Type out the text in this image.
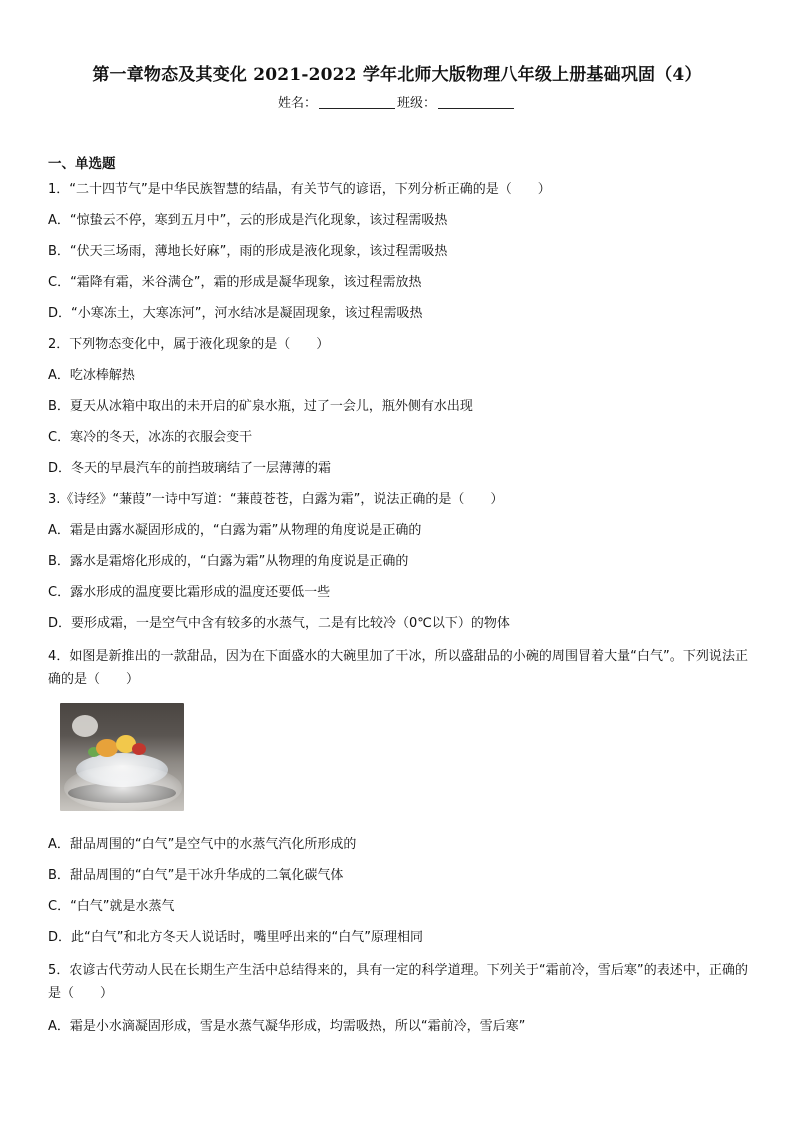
第一章物态及其变化 2021-2022 学年北师大版物理八年级上册基础巩固（4）
姓名：	班级：
一、单选题
1．“二十四节气”是中华民族智慧的结晶，有关节气的谚语，下列分析正确的是（　　）
A．“惊蛰云不停，寒到五月中”，云的形成是汽化现象，该过程需吸热
B．“伏天三场雨，薄地长好麻”，雨的形成是液化现象，该过程需吸热
C．“霜降有霜，米谷满仓”，霜的形成是凝华现象，该过程需放热
D．“小寒冻土，大寒冻河”，河水结冰是凝固现象，该过程需吸热
2．下列物态变化中，属于液化现象的是（　　）
A．吃冰棒解热
B．夏天从冰箱中取出的未开启的矿泉水瓶，过了一会儿，瓶外侧有水出现
C．寒冷的冬天，冰冻的衣服会变干
D．冬天的早晨汽车的前挡玻璃结了一层薄薄的霜
3.《诗经》“蒹葭”一诗中写道：“蒹葭苍苍，白露为霜”，说法正确的是（　　）
A．霜是由露水凝固形成的，“白露为霜”从物理的角度说是正确的
B．露水是霜熔化形成的，“白露为霜”从物理的角度说是正确的
C．露水形成的温度要比霜形成的温度还要低一些
D．要形成霜，一是空气中含有较多的水蒸气，二是有比较冷（0℃以下）的物体
4．如图是新推出的一款甜品，因为在下面盛水的大碗里加了干冰，所以盛甜品的小碗的周围冒着大量“白气”。下列说法正确的是（　　）
A．甜品周围的“白气”是空气中的水蒸气汽化所形成的
B．甜品周围的“白气”是干冰升华成的二氧化碳气体
C．“白气”就是水蒸气
D．此“白气”和北方冬天人说话时，嘴里呼出来的“白气”原理相同
5．农谚古代劳动人民在长期生产生活中总结得来的，具有一定的科学道理。下列关于“霜前冷，雪后寒”的表述中，正确的是（　　）
A．霜是小水滴凝固形成，雪是水蒸气凝华形成，均需吸热，所以“霜前冷，雪后寒”
